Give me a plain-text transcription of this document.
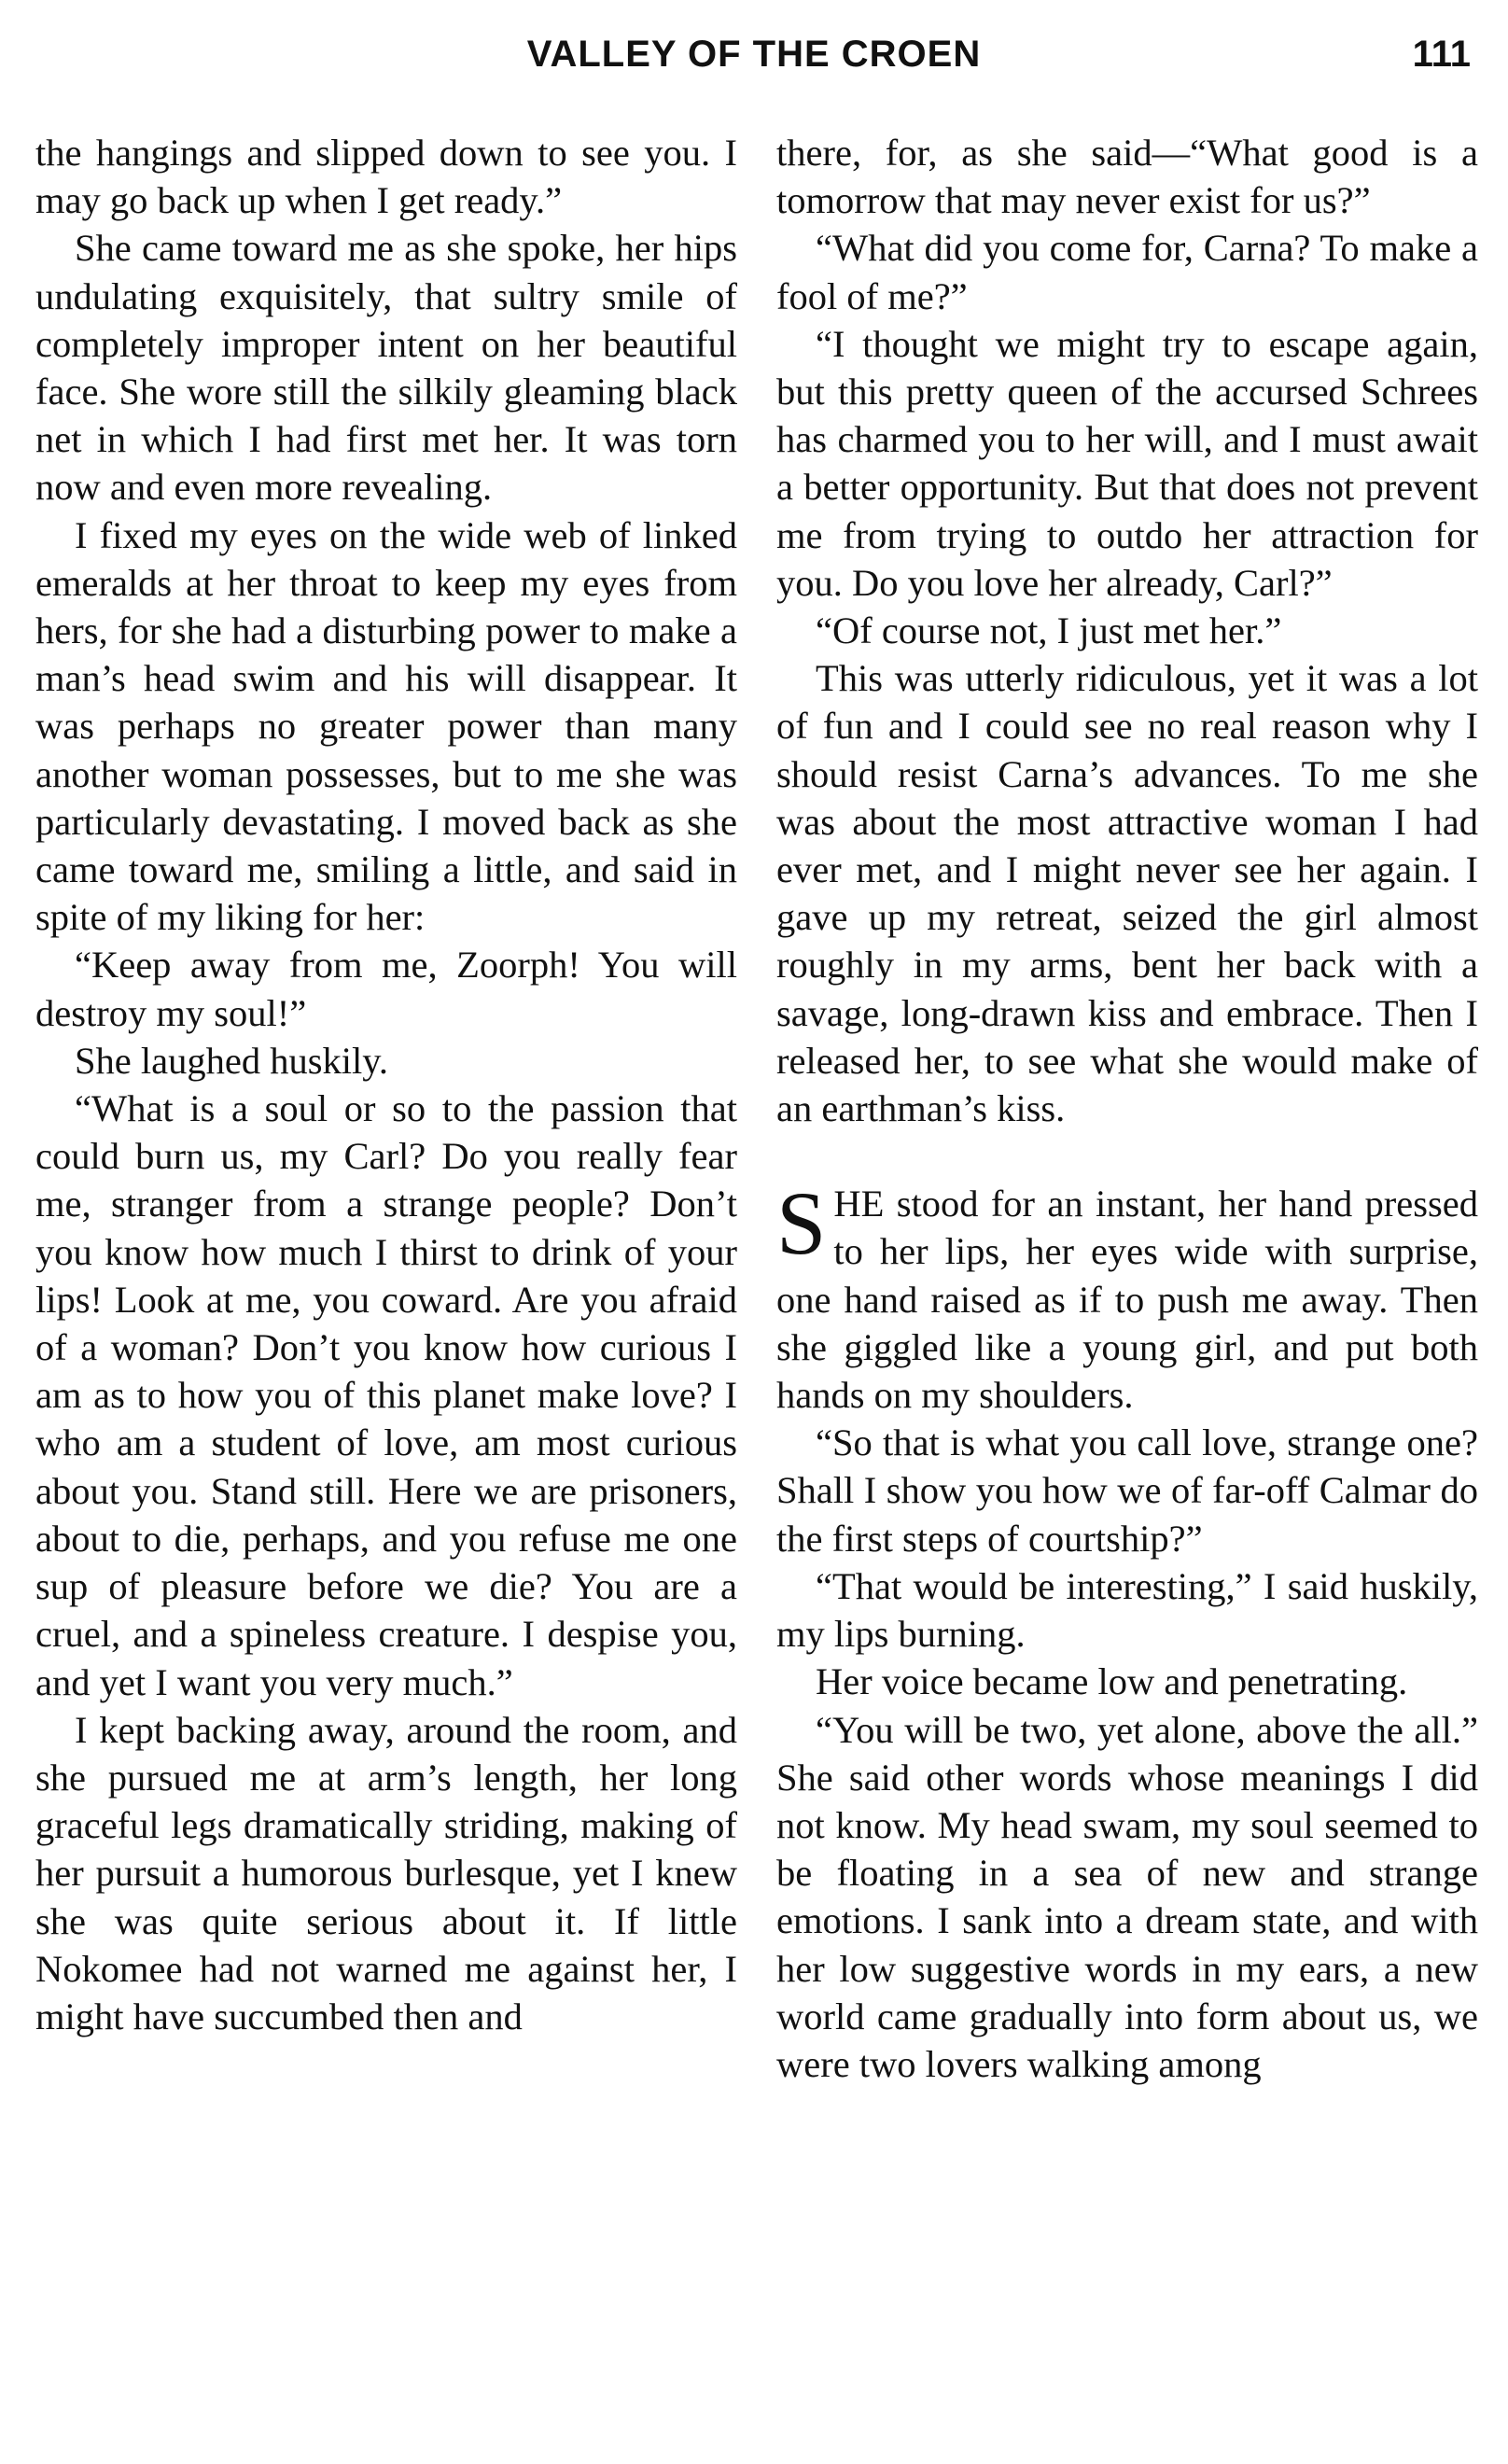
VALLEY OF THE CROEN	111

the hangings and slipped down to see you. I may go back up when I get ready.”

She came toward me as she spoke, her hips undulating exquisitely, that sultry smile of completely improper intent on her beautiful face. She wore still the silkily gleaming black net in which I had first met her. It was torn now and even more revealing.

I fixed my eyes on the wide web of linked emeralds at her throat to keep my eyes from hers, for she had a disturbing power to make a man’s head swim and his will disappear. It was perhaps no greater power than many another woman possesses, but to me she was particularly devastating. I moved back as she came toward me, smiling a little, and said in spite of my liking for her:

“Keep away from me, Zoorph! You will destroy my soul!”

She laughed huskily.

“What is a soul or so to the passion that could burn us, my Carl? Do you really fear me, stranger from a strange people? Don’t you know how much I thirst to drink of your lips! Look at me, you coward. Are you afraid of a woman? Don’t you know how curious I am as to how you of this planet make love? I who am a student of love, am most curious about you. Stand still. Here we are prisoners, about to die, perhaps, and you refuse me one sup of pleasure before we die? You are a cruel, and a spineless creature. I despise you, and yet I want you very much.”

I kept backing away, around the room, and she pursued me at arm’s length, her long graceful legs dramatically striding, making of her pursuit a humorous burlesque, yet I knew she was quite serious about it. If little Nokomee had not warned me against her, I might have succumbed then and

there, for, as she said—“What good is a tomorrow that may never exist for us?”

“What did you come for, Carna? To make a fool of me?”

“I thought we might try to escape again, but this pretty queen of the accursed Schrees has charmed you to her will, and I must await a better opportunity. But that does not prevent me from trying to outdo her attraction for you. Do you love her already, Carl?”

“Of course not, I just met her.”

This was utterly ridiculous, yet it was a lot of fun and I could see no real reason why I should resist Carna’s advances. To me she was about the most attractive woman I had ever met, and I might never see her again. I gave up my retreat, seized the girl almost roughly in my arms, bent her back with a savage, long-drawn kiss and embrace. Then I released her, to see what she would make of an earthman’s kiss.

SHE stood for an instant, her hand pressed to her lips, her eyes wide with surprise, one hand raised as if to push me away. Then she giggled like a young girl, and put both hands on my shoulders.

“So that is what you call love, strange one? Shall I show you how we of far-off Calmar do the first steps of courtship?”

“That would be interesting,” I said huskily, my lips burning.

Her voice became low and penetrating.

“You will be two, yet alone, above the all.” She said other words whose meanings I did not know. My head swam, my soul seemed to be floating in a sea of new and strange emotions. I sank into a dream state, and with her low suggestive words in my ears, a new world came gradually into form about us, we were two lovers walking among
